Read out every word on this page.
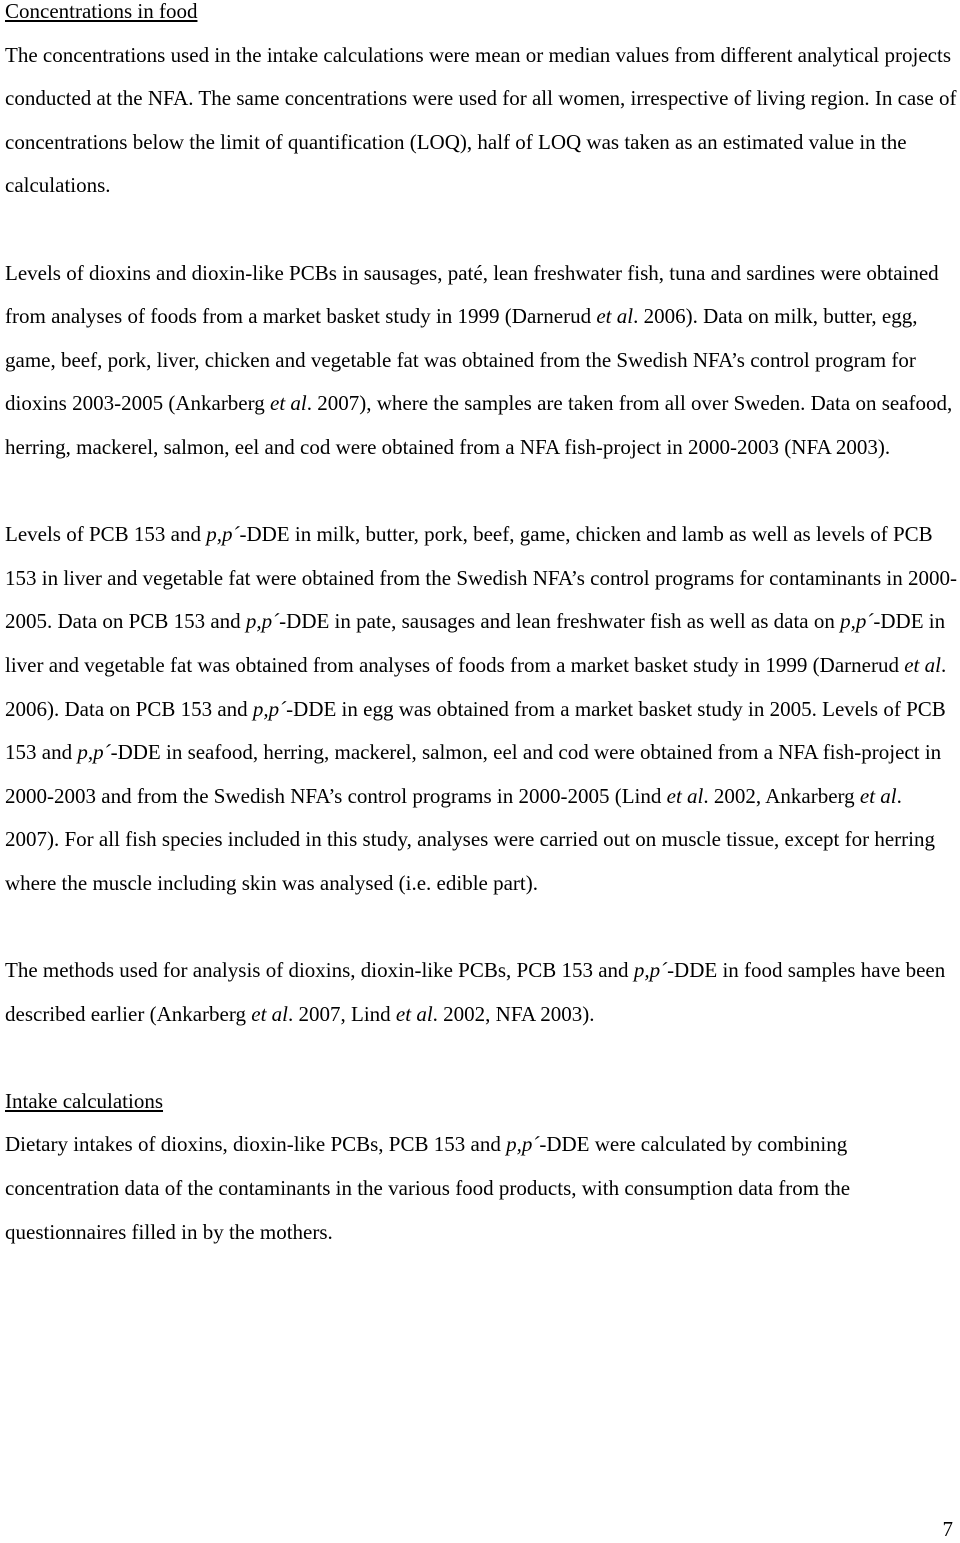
Concentrations in food

The concentrations used in the intake calculations were mean or median values from different analytical projects conducted at the NFA. The same concentrations were used for all women, irrespective of living region. In case of concentrations below the limit of quantification (LOQ), half of LOQ was taken as an estimated value in the calculations.

Levels of dioxins and dioxin-like PCBs in sausages, paté, lean freshwater fish, tuna and sardines were obtained from analyses of foods from a market basket study in 1999 (Darnerud et al. 2006). Data on milk, butter, egg, game, beef, pork, liver, chicken and vegetable fat was obtained from the Swedish NFA’s control program for dioxins 2003-2005 (Ankarberg et al. 2007), where the samples are taken from all over Sweden. Data on seafood, herring, mackerel, salmon, eel and cod were obtained from a NFA fish-project in 2000-2003 (NFA 2003).

Levels of PCB 153 and p,p´-DDE in milk, butter, pork, beef, game, chicken and lamb as well as levels of PCB 153 in liver and vegetable fat were obtained from the Swedish NFA’s control programs for contaminants in 2000-2005. Data on PCB 153 and p,p´-DDE in pate, sausages and lean freshwater fish as well as data on p,p´-DDE in liver and vegetable fat was obtained from analyses of foods from a market basket study in 1999 (Darnerud et al. 2006). Data on PCB 153 and p,p´-DDE in egg was obtained from a market basket study in 2005. Levels of PCB 153 and p,p´-DDE in seafood, herring, mackerel, salmon, eel and cod were obtained from a NFA fish-project in 2000-2003 and from the Swedish NFA’s control programs in 2000-2005 (Lind et al. 2002, Ankarberg et al. 2007). For all fish species included in this study, analyses were carried out on muscle tissue, except for herring where the muscle including skin was analysed (i.e. edible part).

The methods used for analysis of dioxins, dioxin-like PCBs, PCB 153 and p,p´-DDE in food samples have been described earlier (Ankarberg et al. 2007, Lind et al. 2002, NFA 2003).

Intake calculations

Dietary intakes of dioxins, dioxin-like PCBs, PCB 153 and p,p´-DDE were calculated by combining concentration data of the contaminants in the various food products, with consumption data from the questionnaires filled in by the mothers.

7
